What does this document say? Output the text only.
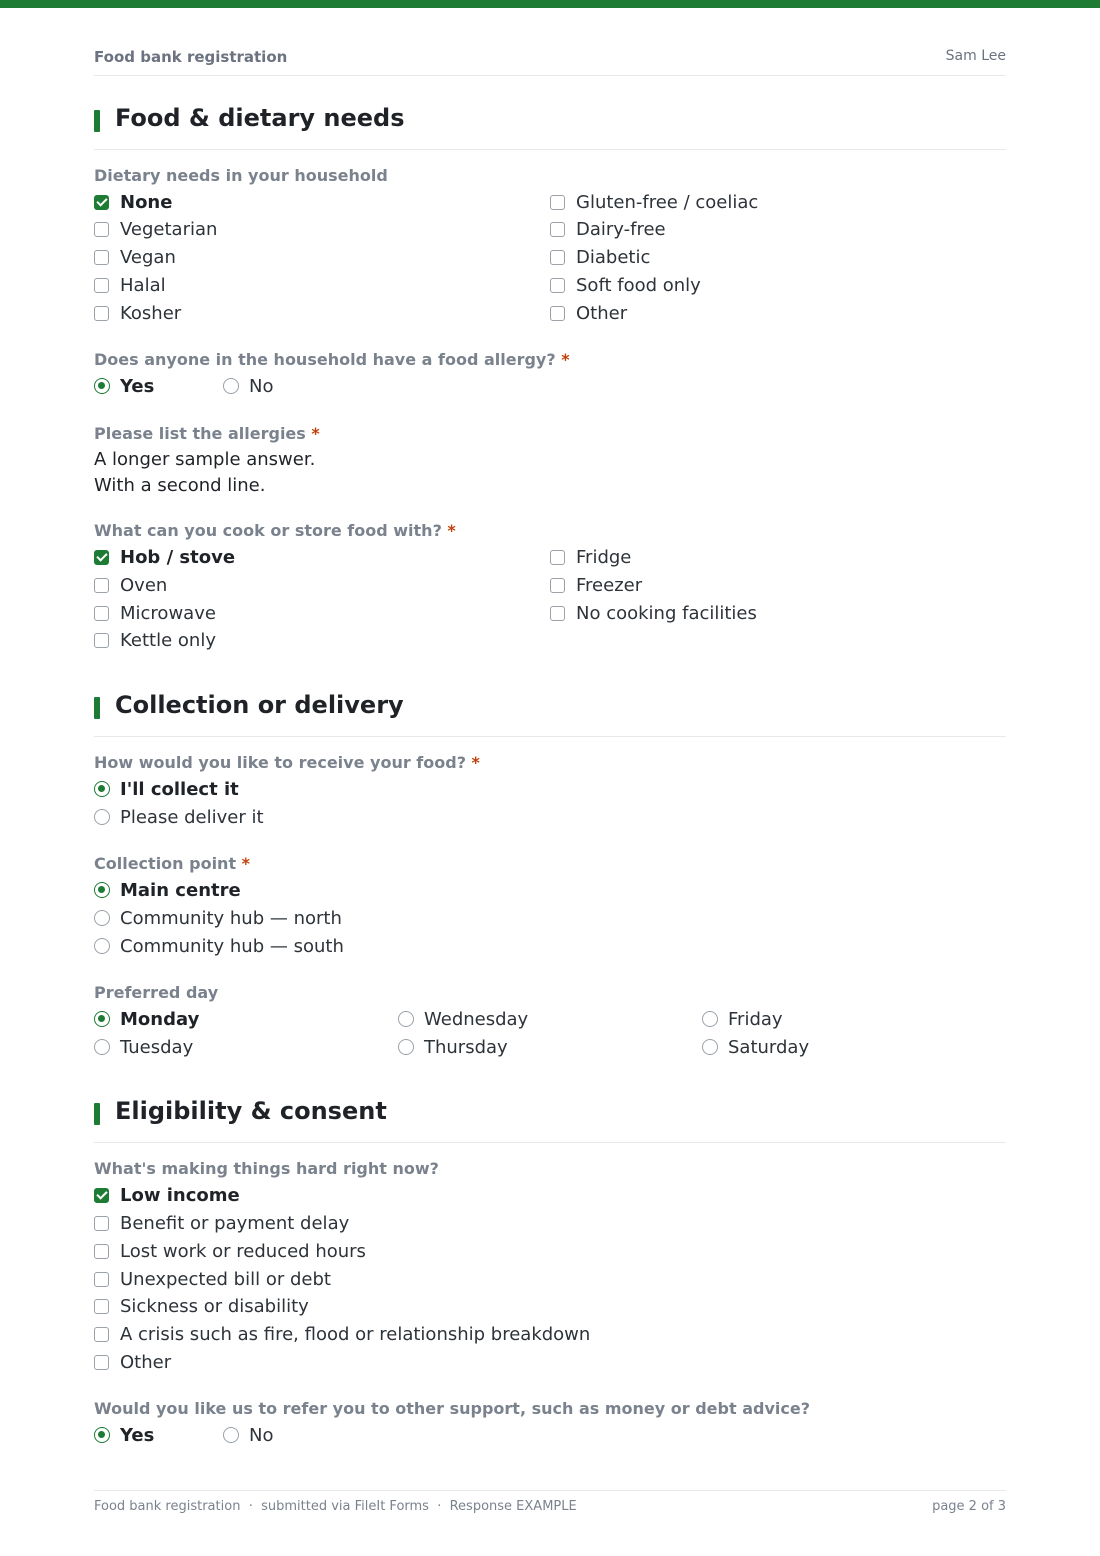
Food bank registration	Sam Lee
Food & dietary needs
Dietary needs in your household
None
Vegetarian
Vegan
Halal
Kosher
Gluten-free / coeliac
Dairy-free
Diabetic
Soft food only
Other
Does anyone in the household have a food allergy? *
Yes	No
Please list the allergies *
A longer sample answer.
With a second line.
What can you cook or store food with? *
Hob / stove
Oven
Microwave
Kettle only
Fridge
Freezer
No cooking facilities
Collection or delivery
How would you like to receive your food? *
I'll collect it
Please deliver it
Collection point *
Main centre
Community hub — north
Community hub — south
Preferred day
Monday
Tuesday
Wednesday
Thursday
Friday
Saturday
Eligibility & consent
What's making things hard right now?
Low income
Benefit or payment delay
Lost work or reduced hours
Unexpected bill or debt
Sickness or disability
A crisis such as fire, flood or relationship breakdown
Other
Would you like us to refer you to other support, such as money or debt advice?
Yes	No
Food bank registration  ·  submitted via FileIt Forms  ·  Response EXAMPLE	page 2 of 3
